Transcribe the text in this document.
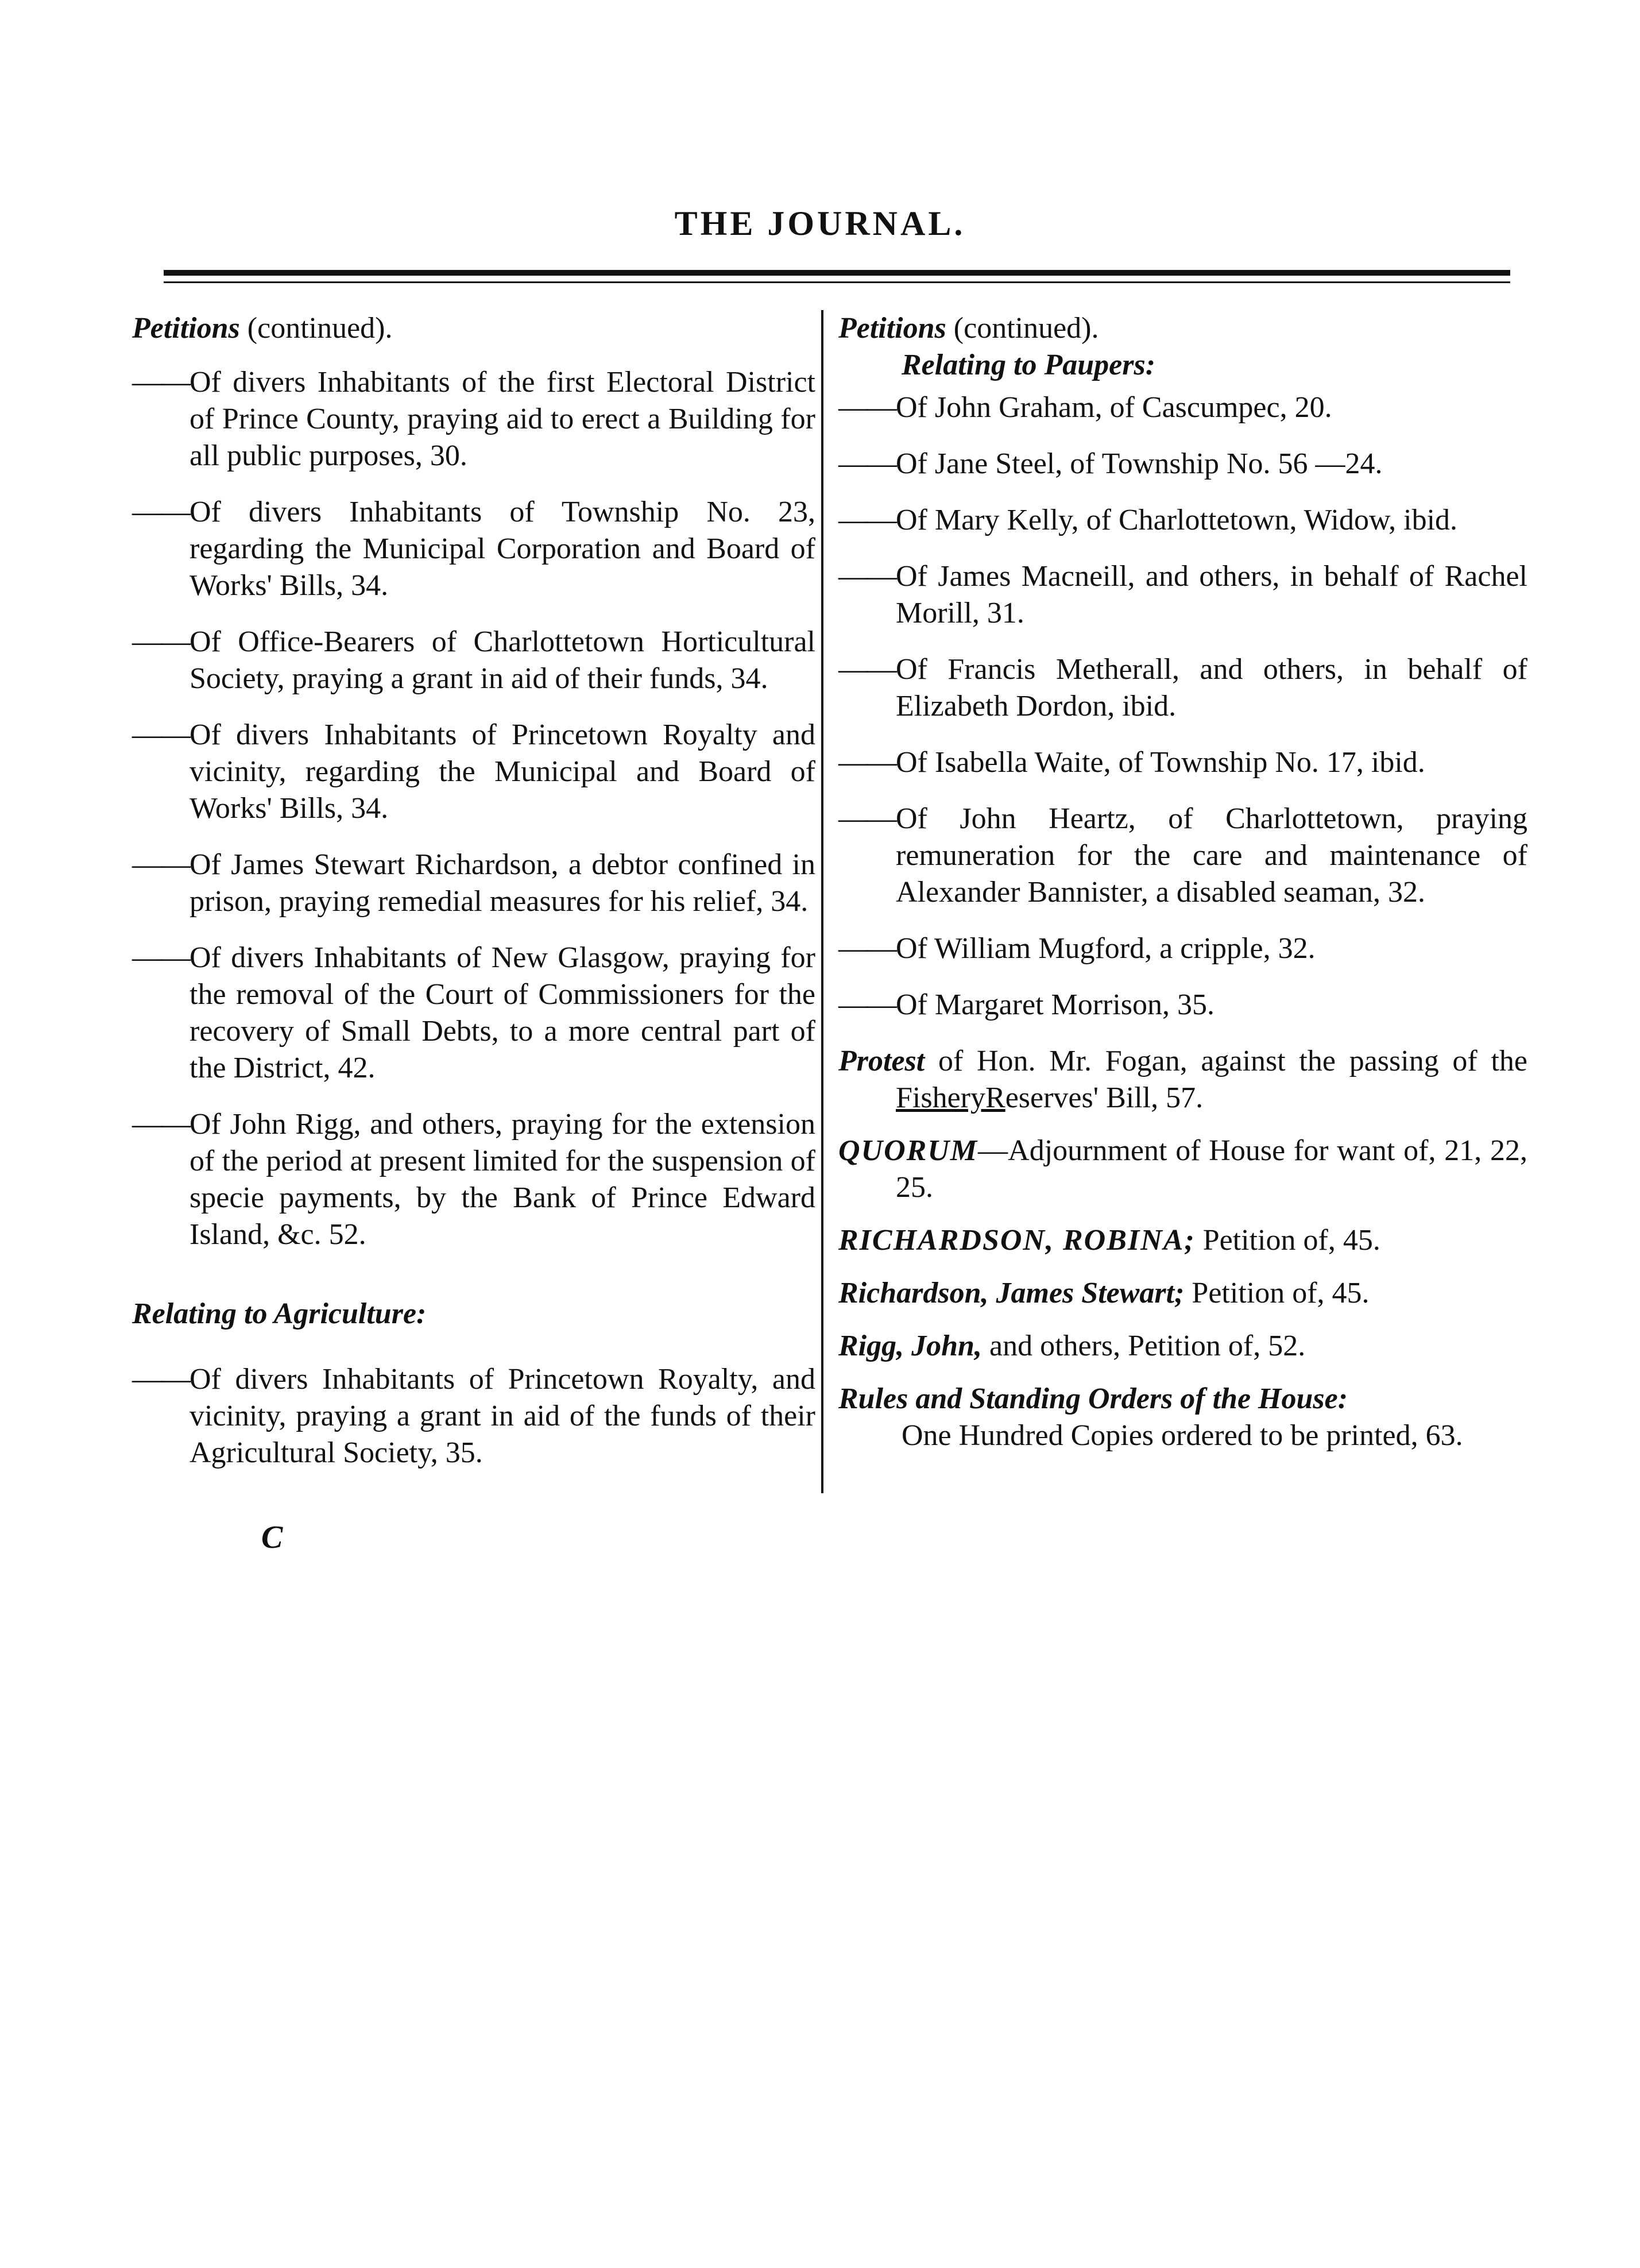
THE JOURNAL.
Petitions (continued).
——Of divers Inhabitants of the first Electoral District of Prince County, praying aid to erect a Building for all public purposes, 30.
——Of divers Inhabitants of Township No. 23, regarding the Municipal Corporation and Board of Works' Bills, 34.
——Of Office-Bearers of Charlottetown Horticultural Society, praying a grant in aid of their funds, 34.
——Of divers Inhabitants of Princetown Royalty and vicinity, regarding the Municipal and Board of Works' Bills, 34.
——Of James Stewart Richardson, a debtor confined in prison, praying remedial measures for his relief, 34.
——Of divers Inhabitants of New Glasgow, praying for the removal of the Court of Commissioners for the recovery of Small Debts, to a more central part of the District, 42.
——Of John Rigg, and others, praying for the extension of the period at present limited for the suspension of specie payments, by the Bank of Prince Edward Island, &c. 52.
Relating to Agriculture:
——Of divers Inhabitants of Princetown Royalty, and vicinity, praying a grant in aid of the funds of their Agricultural Society, 35.
Petitions (continued).
Relating to Paupers:
——Of John Graham, of Cascumpec, 20.
——Of Jane Steel, of Township No. 56 —24.
——Of Mary Kelly, of Charlottetown, Widow, ibid.
——Of James Macneill, and others, in behalf of Rachel Morill, 31.
——Of Francis Metherall, and others, in behalf of Elizabeth Dordon, ibid.
——Of Isabella Waite, of Township No. 17, ibid.
——Of John Heartz, of Charlottetown, praying remuneration for the care and maintenance of Alexander Bannister, a disabled seaman, 32.
——Of William Mugford, a cripple, 32.
——Of Margaret Morrison, 35.
Protest of Hon. Mr. Fogan, against the passing of the FisheryReserves' Bill, 57.
QUORUM—Adjournment of House for want of, 21, 22, 25.
RICHARDSON, ROBINA; Petition of, 45.
Richardson, James Stewart; Petition of, 45.
Rigg, John, and others, Petition of, 52.
Rules and Standing Orders of the House:
One Hundred Copies ordered to be printed, 63.
C
